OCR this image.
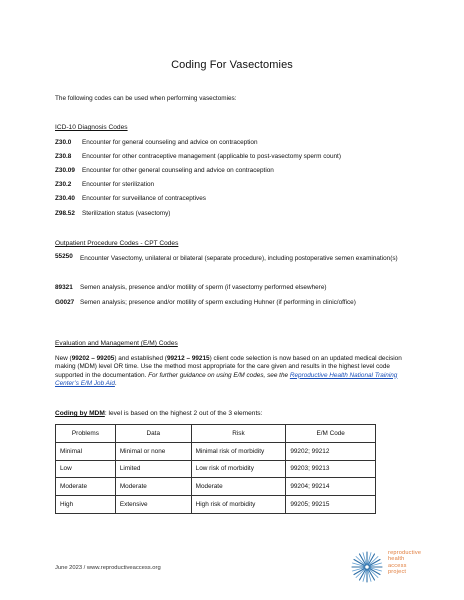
Coding For Vasectomies
The following codes can be used when performing vasectomies:
ICD-10 Diagnosis Codes
Z30.0 Encounter for general counseling and advice on contraception
Z30.8 Encounter for other contraceptive management (applicable to post-vasectomy sperm count)
Z30.09 Encounter for other general counseling and advice on contraception
Z30.2 Encounter for sterilization
Z30.40 Encounter for surveillance of contraceptives
Z98.52 Sterilization status (vasectomy)
Outpatient Procedure Codes - CPT Codes
55250 Encounter Vasectomy, unilateral or bilateral (separate procedure), including postoperative semen examination(s)
89321 Semen analysis, presence and/or motility of sperm (if vasectomy performed elsewhere)
G0027 Semen analysis; presence and/or motility of sperm excluding Huhner (if performing in clinic/office)
Evaluation and Management (E/M) Codes
New (99202 – 99205) and established (99212 – 99215) client code selection is now based on an updated medical decision making (MDM) level OR time. Use the method most appropriate for the care given and results in the highest level code supported in the documentation. For further guidance on using E/M codes, see the Reproductive Health National Training Center’s E/M Job Aid.
Coding by MDM: level is based on the highest 2 out of the 3 elements:
Problems	Data	Risk	E/M Code
Minimal	Minimal or none	Minimal risk of morbidity	99202; 99212
Low	Limited	Low risk of morbidity	99203; 99213
Moderate	Moderate	Moderate	99204; 99214
High	Extensive	High risk of morbidity	99205; 99215
June 2023 / www.reproductiveaccess.org
reproductive
health
access
project
